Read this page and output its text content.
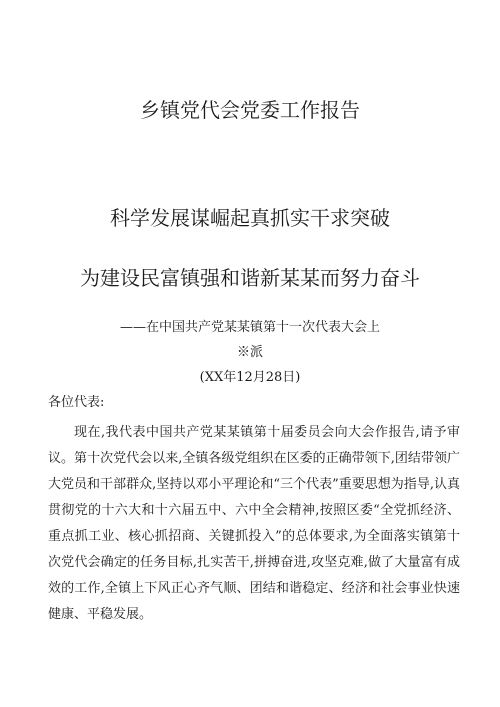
乡镇党代会党委工作报告
科学发展谋崛起真抓实干求突破
为建设民富镇强和谐新某某而努力奋斗
——在中国共产党某某镇第十一次代表大会上
※派
(XX年12月28日)
各位代表:

现在,我代表中国共产党某某镇第十届委员会向大会作报告,请予审议。第十次党代会以来,全镇各级党组织在区委的正确带领下,团结带领广大党员和干部群众,坚持以邓小平理论和“三个代表”重要思想为指导,认真贯彻党的十六大和十六届五中、六中全会精神,按照区委“全党抓经济、重点抓工业、核心抓招商、关键抓投入”的总体要求,为全面落实镇第十次党代会确定的任务目标,扎实苦干,拼搏奋进,攻坚克难,做了大量富有成效的工作,全镇上下风正心齐气顺、团结和谐稳定、经济和社会事业快速健康、平稳发展。
